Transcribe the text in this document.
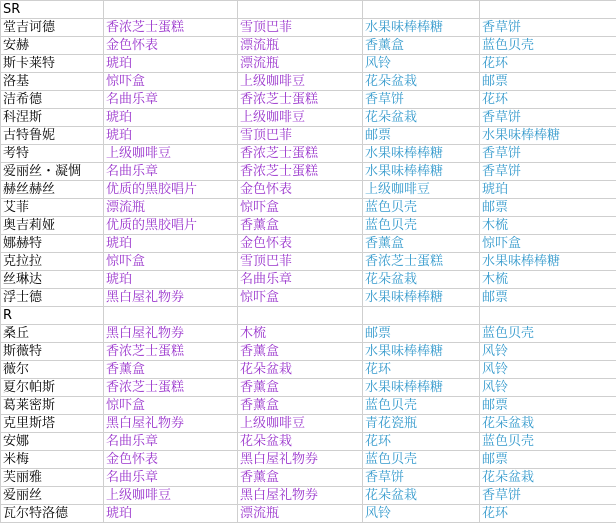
SR				
堂吉诃德	香浓芝士蛋糕	雪顶巴菲	水果味棒棒糖	香草饼
安赫	金色怀表	漂流瓶	香薰盒	蓝色贝壳
斯卡莱特	琥珀	漂流瓶	风铃	花环
洛基	惊吓盒	上级咖啡豆	花朵盆栽	邮票
洁希德	名曲乐章	香浓芝士蛋糕	香草饼	花环
科涅斯	琥珀	上级咖啡豆	花朵盆栽	香草饼
古特鲁妮	琥珀	雪顶巴菲	邮票	水果味棒棒糖
考特	上级咖啡豆	香浓芝士蛋糕	水果味棒棒糖	香草饼
爱丽丝・凝惆	名曲乐章	香浓芝士蛋糕	水果味棒棒糖	香草饼
赫丝赫丝	优质的黑胶唱片	金色怀表	上级咖啡豆	琥珀
艾菲	漂流瓶	惊吓盒	蓝色贝壳	邮票
奥吉莉娅	优质的黑胶唱片	香薰盒	蓝色贝壳	木梳
娜赫特	琥珀	金色怀表	香薰盒	惊吓盒
克拉拉	惊吓盒	雪顶巴菲	香浓芝士蛋糕	水果味棒棒糖
丝琳达	琥珀	名曲乐章	花朵盆栽	木梳
浮士德	黑白屋礼物券	惊吓盒	水果味棒棒糖	邮票
R				
桑丘	黑白屋礼物券	木梳	邮票	蓝色贝壳
斯薇特	香浓芝士蛋糕	香薰盒	水果味棒棒糖	风铃
薇尔	香薰盒	花朵盆栽	花环	风铃
夏尔帕斯	香浓芝士蛋糕	香薰盒	水果味棒棒糖	风铃
葛莱密斯	惊吓盒	香薰盒	蓝色贝壳	邮票
克里斯塔	黑白屋礼物券	上级咖啡豆	青花瓷瓶	花朵盆栽
安娜	名曲乐章	花朵盆栽	花环	蓝色贝壳
米梅	金色怀表	黑白屋礼物券	蓝色贝壳	邮票
芙丽雅	名曲乐章	香薰盒	香草饼	花朵盆栽
爱丽丝	上级咖啡豆	黑白屋礼物券	花朵盆栽	香草饼
瓦尔特洛德	琥珀	漂流瓶	风铃	花环
